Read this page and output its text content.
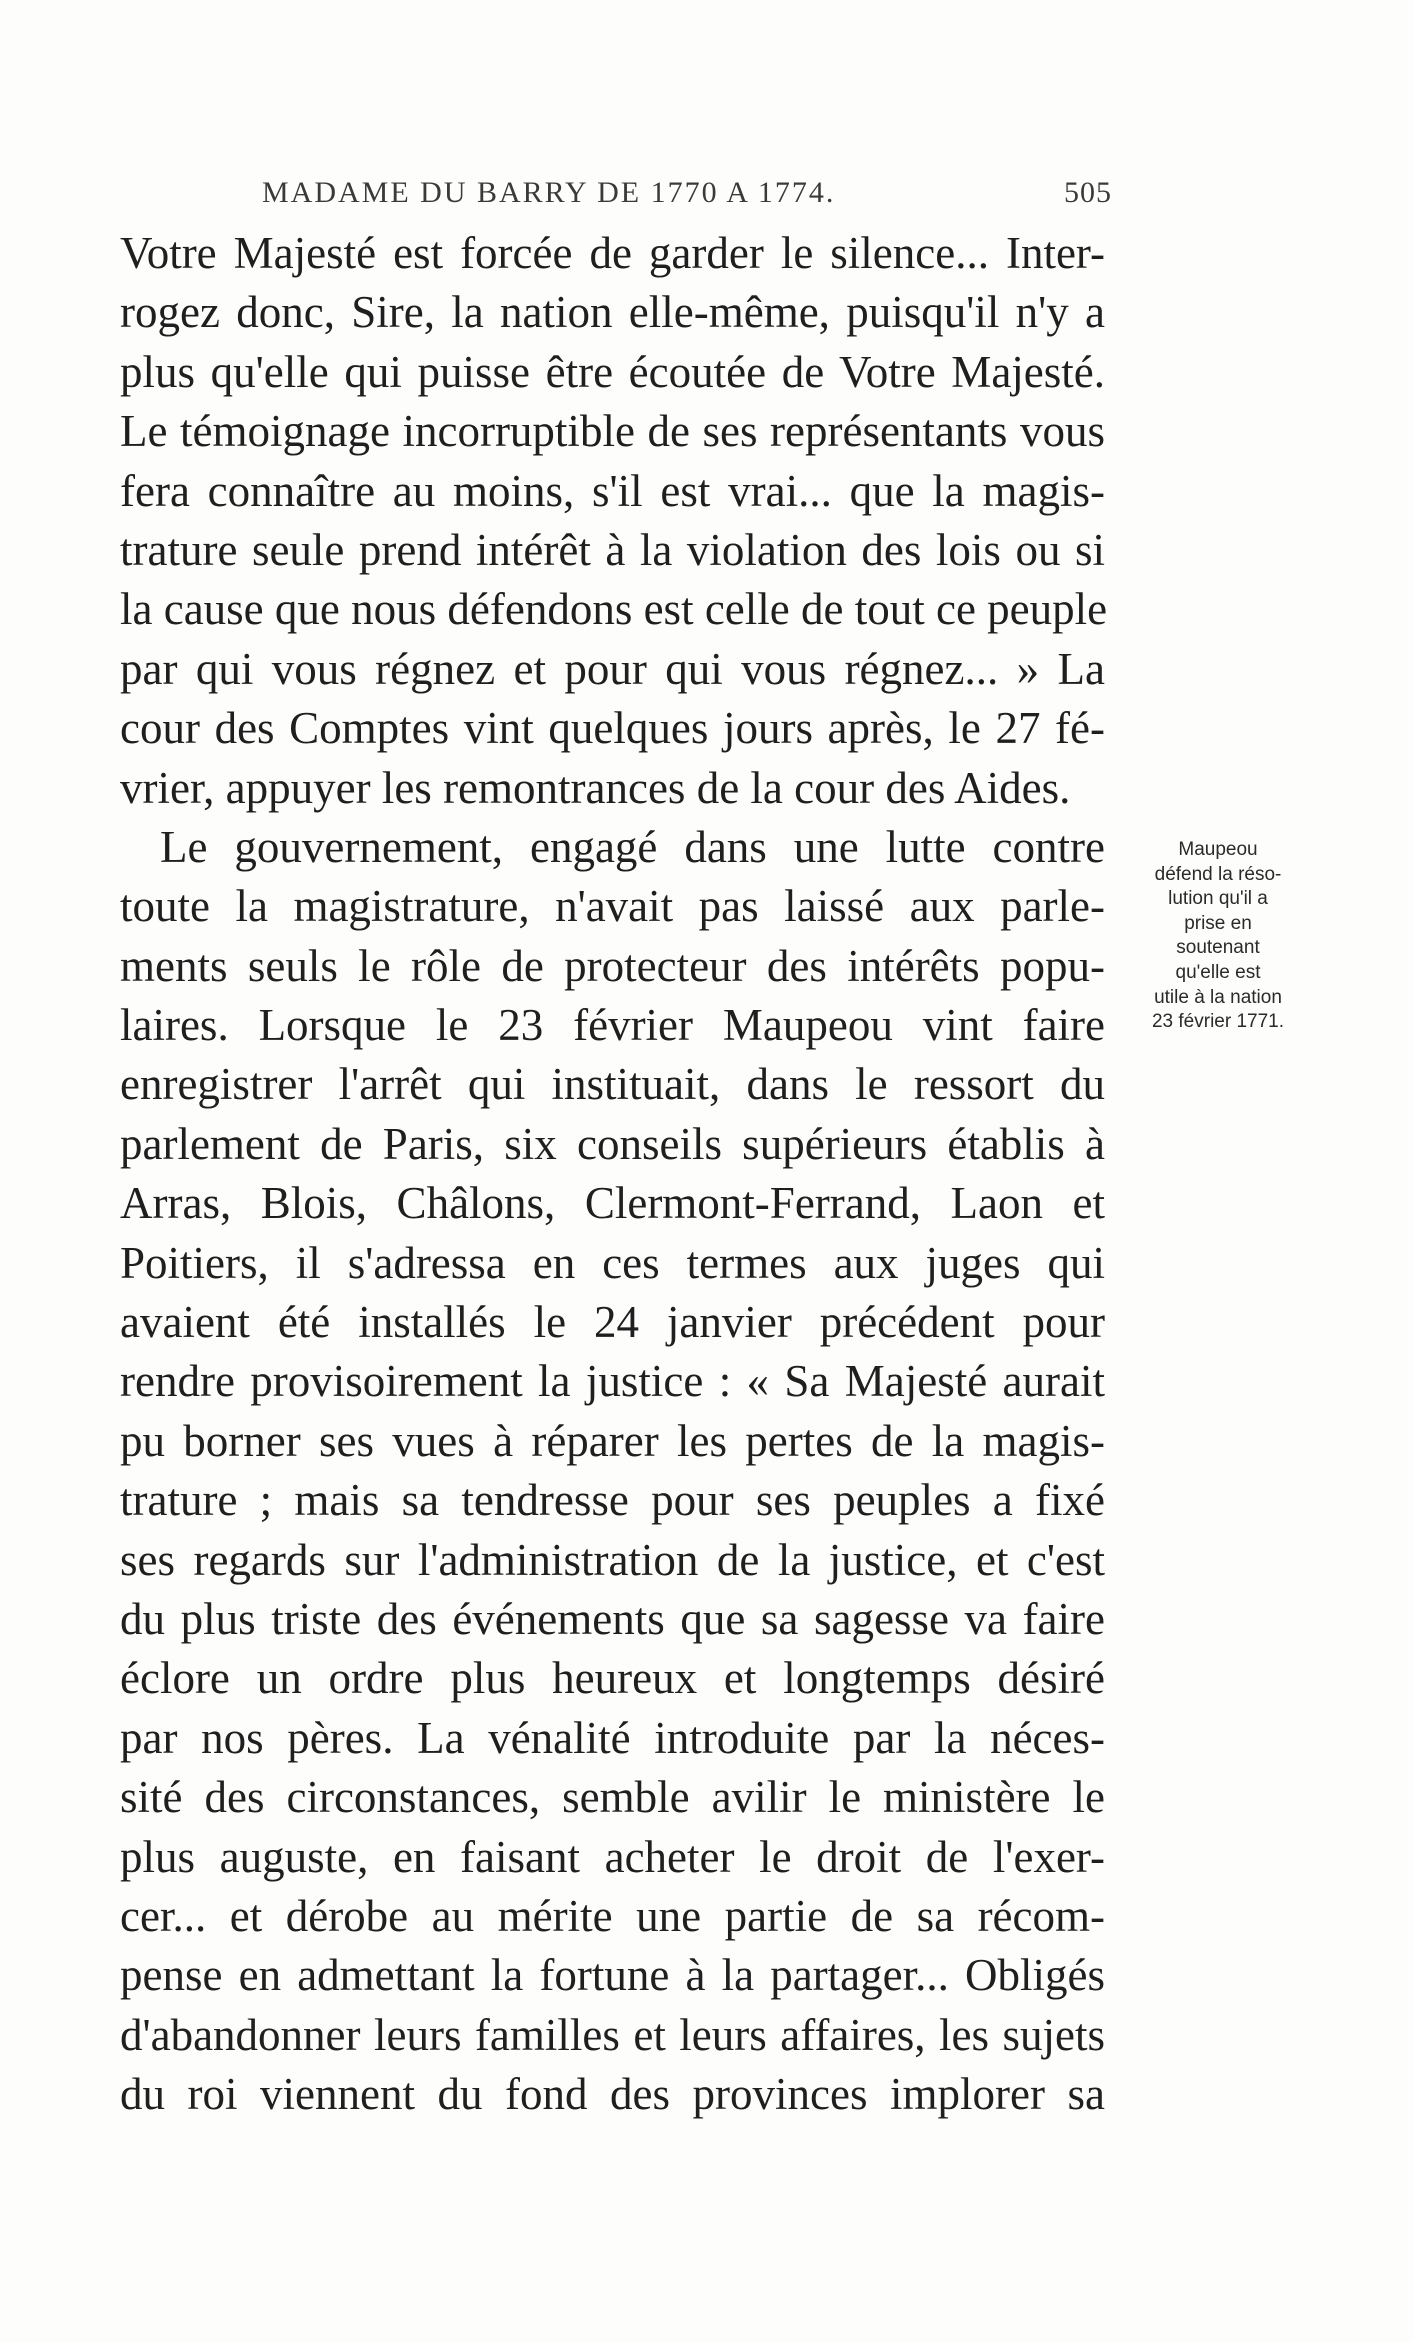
MADAME DU BARRY DE 1770 A 1774.	505
Votre Majesté est forcée de garder le silence... Inter-
rogez donc, Sire, la nation elle-même, puisqu'il n'y a
plus qu'elle qui puisse être écoutée de Votre Majesté.
Le témoignage incorruptible de ses représentants vous
fera connaître au moins, s'il est vrai... que la magis-
trature seule prend intérêt à la violation des lois ou si
la cause que nous défendons est celle de tout ce peuple
par qui vous régnez et pour qui vous régnez... » La
cour des Comptes vint quelques jours après, le 27 fé-
vrier, appuyer les remontrances de la cour des Aides.
Le gouvernement, engagé dans une lutte contre
toute la magistrature, n'avait pas laissé aux parle-
ments seuls le rôle de protecteur des intérêts popu-
laires. Lorsque le 23 février Maupeou vint faire
enregistrer l'arrêt qui instituait, dans le ressort du
parlement de Paris, six conseils supérieurs établis à
Arras, Blois, Châlons, Clermont-Ferrand, Laon et
Poitiers, il s'adressa en ces termes aux juges qui
avaient été installés le 24 janvier précédent pour
rendre provisoirement la justice : « Sa Majesté aurait
pu borner ses vues à réparer les pertes de la magis-
trature ; mais sa tendresse pour ses peuples a fixé
ses regards sur l'administration de la justice, et c'est
du plus triste des événements que sa sagesse va faire
éclore un ordre plus heureux et longtemps désiré
par nos pères. La vénalité introduite par la néces-
sité des circonstances, semble avilir le ministère le
plus auguste, en faisant acheter le droit de l'exer-
cer... et dérobe au mérite une partie de sa récom-
pense en admettant la fortune à la partager... Obligés
d'abandonner leurs familles et leurs affaires, les sujets
du roi viennent du fond des provinces implorer sa
Maupeou
défend la réso-
lution qu'il a
prise en
soutenant
qu'elle est
utile à la nation
23 février 1771.
